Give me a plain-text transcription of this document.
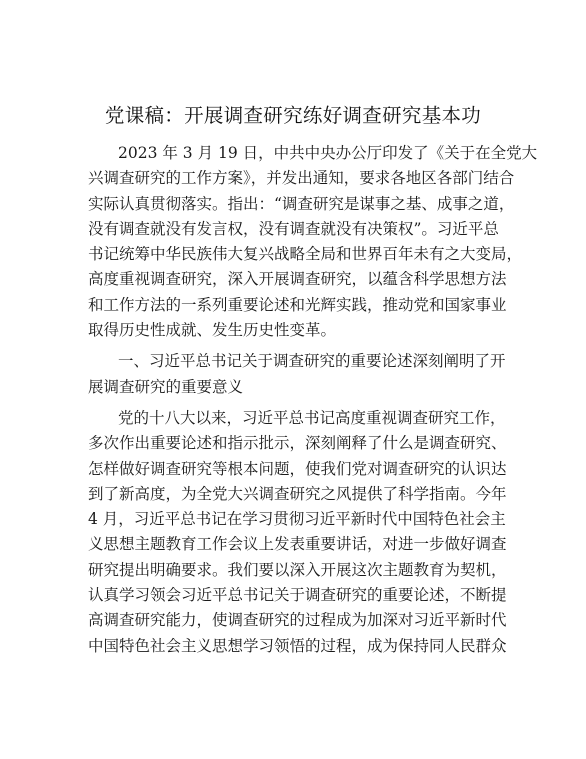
党课稿：开展调查研究练好调查研究基本功
2023 年 3 月 19 日，中共中央办公厅印发了《关于在全党大
兴调查研究的工作方案》，并发出通知，要求各地区各部门结合
实际认真贯彻落实。指出：“调查研究是谋事之基、成事之道，
没有调查就没有发言权，没有调查就没有决策权”。习近平总
书记统筹中华民族伟大复兴战略全局和世界百年未有之大变局，
高度重视调查研究，深入开展调查研究，以蕴含科学思想方法
和工作方法的一系列重要论述和光辉实践，推动党和国家事业
取得历史性成就、发生历史性变革。
一、习近平总书记关于调查研究的重要论述深刻阐明了开
展调查研究的重要意义
党的十八大以来，习近平总书记高度重视调查研究工作，
多次作出重要论述和指示批示，深刻阐释了什么是调查研究、
怎样做好调查研究等根本问题，使我们党对调查研究的认识达
到了新高度，为全党大兴调查研究之风提供了科学指南。今年
4 月，习近平总书记在学习贯彻习近平新时代中国特色社会主
义思想主题教育工作会议上发表重要讲话，对进一步做好调查
研究提出明确要求。我们要以深入开展这次主题教育为契机，
认真学习领会习近平总书记关于调查研究的重要论述，不断提
高调查研究能力，使调查研究的过程成为加深对习近平新时代
中国特色社会主义思想学习领悟的过程，成为保持同人民群众
